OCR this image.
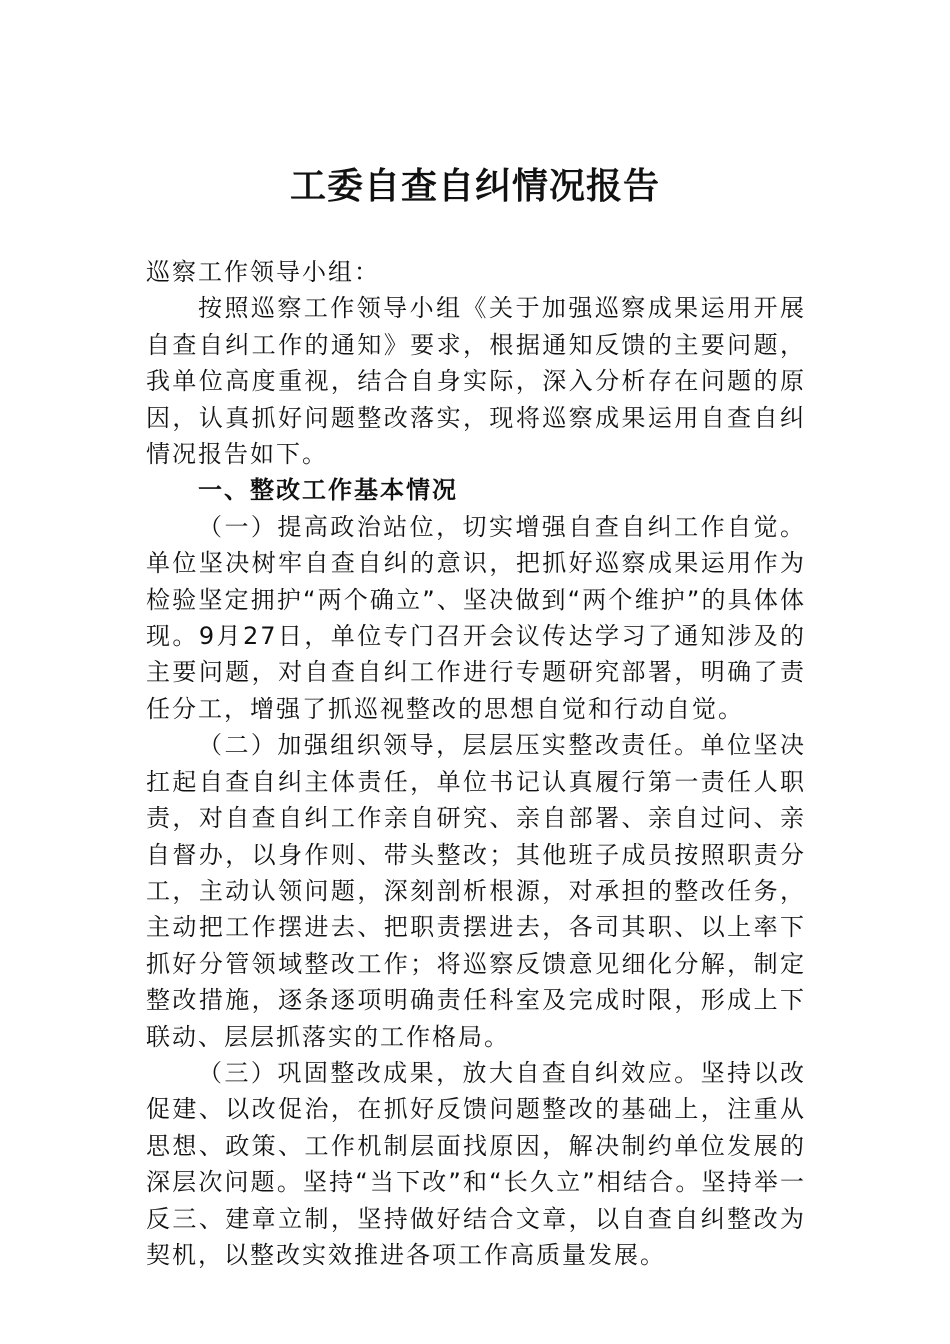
工委自查自纠情况报告

巡察工作领导小组：

按照巡察工作领导小组《关于加强巡察成果运用开展自查自纠工作的通知》要求，根据通知反馈的主要问题，我单位高度重视，结合自身实际，深入分析存在问题的原因，认真抓好问题整改落实，现将巡察成果运用自查自纠情况报告如下。

一、整改工作基本情况

（一）提高政治站位，切实增强自查自纠工作自觉。单位坚决树牢自查自纠的意识，把抓好巡察成果运用作为检验坚定拥护“两个确立”、坚决做到“两个维护”的具体体现。9月27日，单位专门召开会议传达学习了通知涉及的主要问题，对自查自纠工作进行专题研究部署，明确了责任分工，增强了抓巡视整改的思想自觉和行动自觉。

（二）加强组织领导，层层压实整改责任。单位坚决扛起自查自纠主体责任，单位书记认真履行第一责任人职责，对自查自纠工作亲自研究、亲自部署、亲自过问、亲自督办，以身作则、带头整改；其他班子成员按照职责分工，主动认领问题，深刻剖析根源，对承担的整改任务，主动把工作摆进去、把职责摆进去，各司其职、以上率下抓好分管领域整改工作；将巡察反馈意见细化分解，制定整改措施，逐条逐项明确责任科室及完成时限，形成上下联动、层层抓落实的工作格局。

（三）巩固整改成果，放大自查自纠效应。坚持以改促建、以改促治，在抓好反馈问题整改的基础上，注重从思想、政策、工作机制层面找原因，解决制约单位发展的深层次问题。坚持“当下改”和“长久立”相结合。坚持举一反三、建章立制，坚持做好结合文章，以自查自纠整改为契机，以整改实效推进各项工作高质量发展。
